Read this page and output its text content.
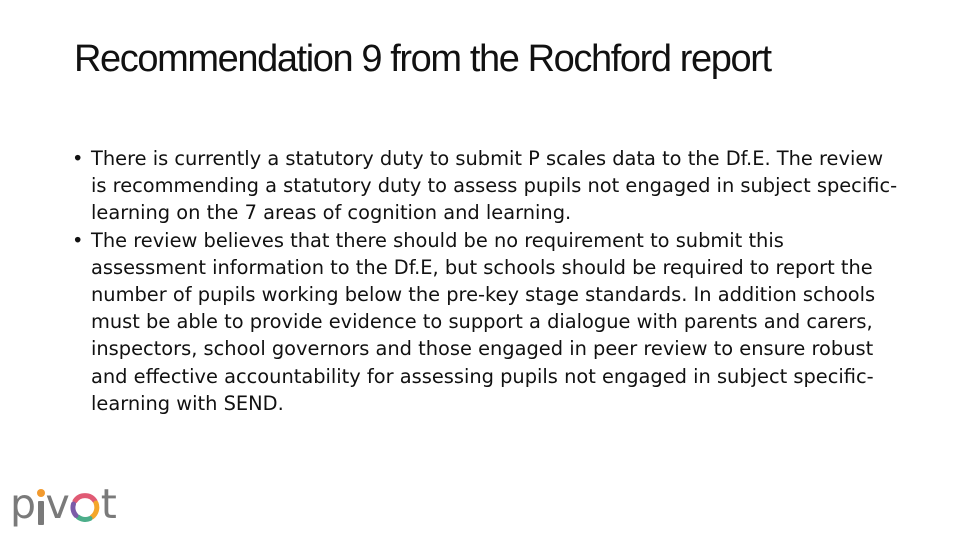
Recommendation 9 from the Rochford report
• There is currently a statutory duty to submit P scales data to the Df.E. The review is recommending a statutory duty to assess pupils not engaged in subject specific-learning on the 7 areas of cognition and learning.
• The review believes that there should be no requirement to submit this assessment information to the Df.E, but schools should be required to report the number of pupils working below the pre-key stage standards. In addition schools must be able to provide evidence to support a dialogue with parents and carers, inspectors, school governors and those engaged in peer review to ensure robust and effective accountability for assessing pupils not engaged in subject specific-learning with SEND.
p v t
